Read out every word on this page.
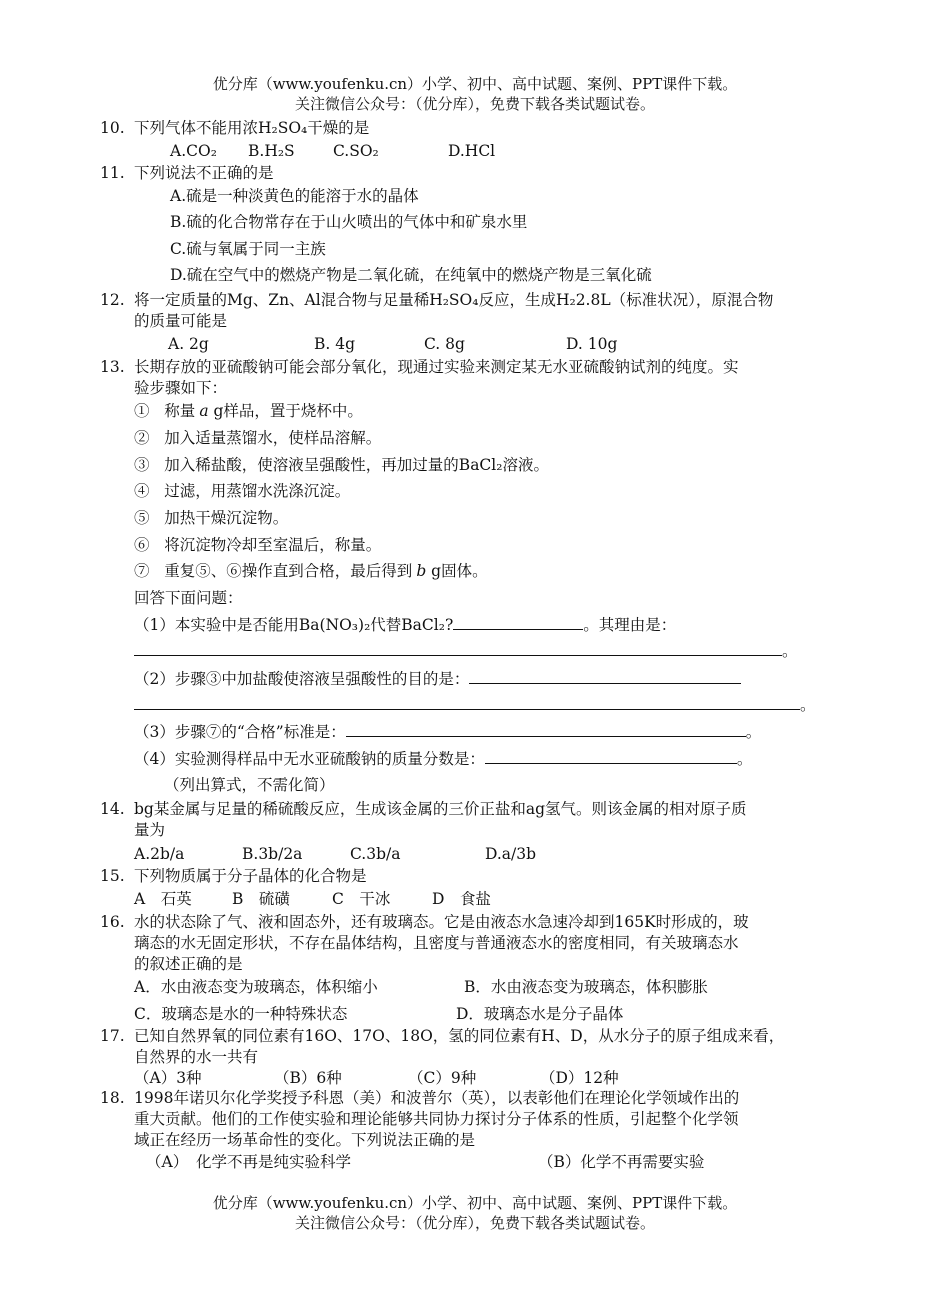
优分库（www.youfenku.cn）小学、初中、高中试题、案例、PPT课件下载。
关注微信公众号：（优分库），免费下载各类试题试卷。
10. 下列气体不能用浓H₂SO₄干燥的是
A.CO₂ B.H₂S C.SO₂	D.HCl
11. 下列说法不正确的是
A.硫是一种淡黄色的能溶于水的晶体
B.硫的化合物常存在于山火喷出的气体中和矿泉水里
C.硫与氧属于同一主族
D.硫在空气中的燃烧产物是二氧化硫，在纯氧中的燃烧产物是三氧化硫
12. 将一定质量的Mg、Zn、Al混合物与足量稀H₂SO₄反应，生成H₂2.8L（标准状况），原混合物
的质量可能是
A. 2g	B. 4g	C. 8g	D. 10g
13. 长期存放的亚硫酸钠可能会部分氧化，现通过实验来测定某无水亚硫酸钠试剂的纯度。实
验步骤如下：
① 称量 a g样品，置于烧杯中。
② 加入适量蒸馏水，使样品溶解。
③ 加入稀盐酸，使溶液呈强酸性，再加过量的BaCl₂溶液。
④ 过滤，用蒸馏水洗涤沉淀。
⑤ 加热干燥沉淀物。
⑥ 将沉淀物冷却至室温后，称量。
⑦ 重复⑤、⑥操作直到合格，最后得到 b g固体。
回答下面问题：
（1）本实验中是否能用Ba(NO₃)₂代替BaCl₂?	。其理由是：
。
（2）步骤③中加盐酸使溶液呈强酸性的目的是：
。
（3）步骤⑦的“合格”标准是：	。
（4）实验测得样品中无水亚硫酸钠的质量分数是：	。
（列出算式，不需化简）
14. bg某金属与足量的稀硫酸反应，生成该金属的三价正盐和ag氢气。则该金属的相对原子质
量为
A.2b/a	B.3b/2a	C.3b/a	D.a/3b
15. 下列物质属于分子晶体的化合物是
A　石英	B　硫磺	C　干冰	D　食盐
16. 水的状态除了气、液和固态外，还有玻璃态。它是由液态水急速冷却到165K时形成的，玻
璃态的水无固定形状，不存在晶体结构，且密度与普通液态水的密度相同，有关玻璃态水
的叙述正确的是
A．水由液态变为玻璃态，体积缩小	B．水由液态变为玻璃态，体积膨胀
C．玻璃态是水的一种特殊状态	D．玻璃态水是分子晶体
17. 已知自然界氧的同位素有16O、17O、18O，氢的同位素有H、D，从水分子的原子组成来看，
自然界的水一共有
（A）3种	（B）6种	（C）9种	（D）12种
18. 1998年诺贝尔化学奖授予科恩（美）和波普尔（英），以表彰他们在理论化学领域作出的
重大贡献。他们的工作使实验和理论能够共同协力探讨分子体系的性质，引起整个化学领
域正在经历一场革命性的变化。下列说法正确的是
（A）　化学不再是纯实验科学	（B）化学不再需要实验
优分库（www.youfenku.cn）小学、初中、高中试题、案例、PPT课件下载。
关注微信公众号：（优分库），免费下载各类试题试卷。
